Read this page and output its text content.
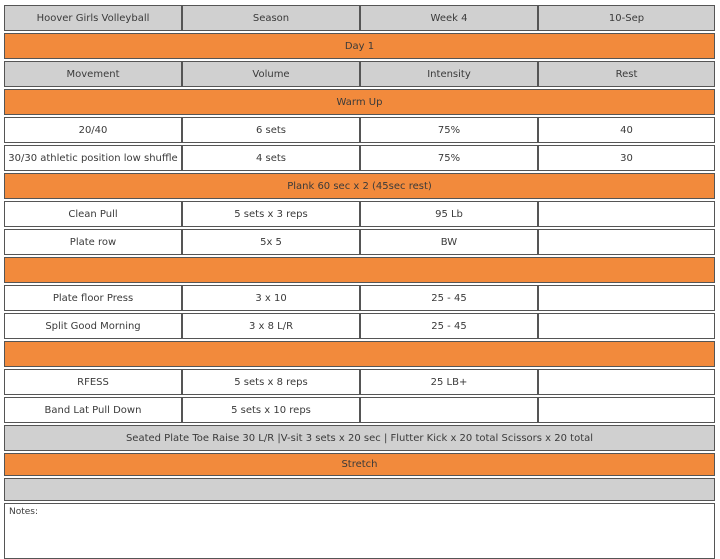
Hoover Girls Volleyball	Season	Week 4	10-Sep
Day 1
Movement	Volume	Intensity	Rest
Warm Up
20/40	6 sets	75%	40
30/30 athletic position low shuffle	4 sets	75%	30
Plank 60 sec x 2 (45sec rest)
Clean Pull	5 sets x 3 reps	95 Lb
Plate row	5x 5	BW
Plate floor Press	3 x 10	25 - 45
Split Good Morning	3 x 8 L/R	25 - 45
RFESS	5 sets x 8 reps	25 LB+
Band Lat Pull Down	5 sets x 10 reps
Seated Plate Toe Raise 30 L/R |V-sit 3 sets x 20 sec | Flutter Kick x 20 total Scissors x 20 total
Stretch
Notes:
